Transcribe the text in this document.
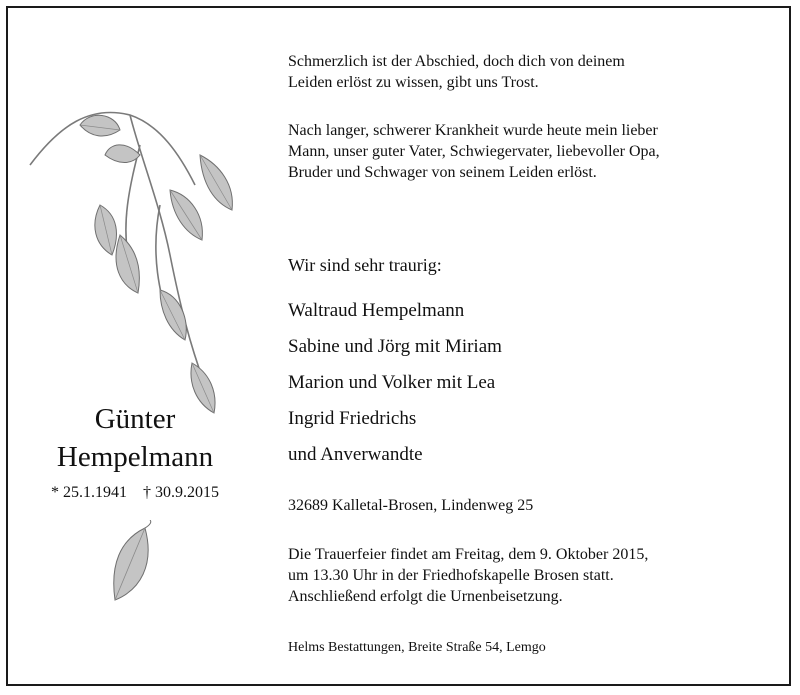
Günter
Hempelmann
* 25.1.1941 † 30.9.2015
Schmerzlich ist der Abschied, doch dich von deinem
Leiden erlöst zu wissen, gibt uns Trost.
Nach langer, schwerer Krankheit wurde heute mein lieber
Mann, unser guter Vater, Schwiegervater, liebevoller Opa,
Bruder und Schwager von seinem Leiden erlöst.
Wir sind sehr traurig:
Waltraud Hempelmann
Sabine und Jörg mit Miriam
Marion und Volker mit Lea
Ingrid Friedrichs
und Anverwandte
32689 Kalletal-Brosen, Lindenweg 25
Die Trauerfeier findet am Freitag, dem 9. Oktober 2015,
um 13.30 Uhr in der Friedhofskapelle Brosen statt.
Anschließend erfolgt die Urnenbeisetzung.
Helms Bestattungen, Breite Straße 54, Lemgo
